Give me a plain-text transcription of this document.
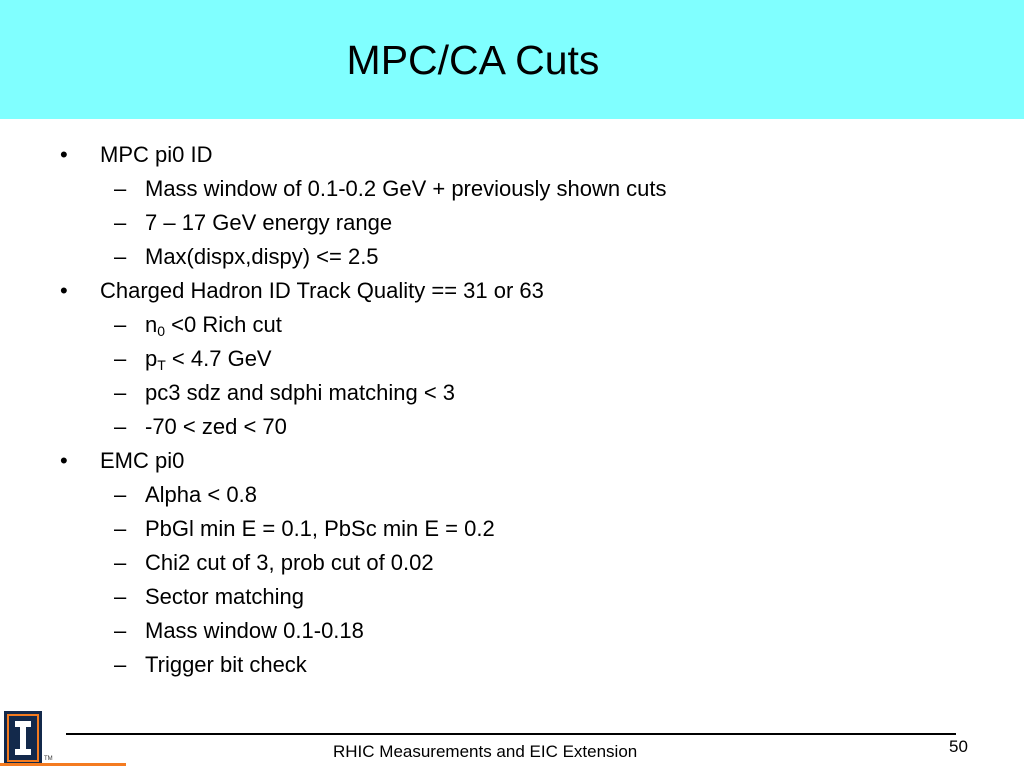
MPC/CA Cuts
• MPC pi0 ID
– Mass window of 0.1-0.2 GeV + previously shown cuts
– 7 – 17 GeV energy range
– Max(dispx,dispy) <= 2.5
• Charged Hadron ID Track Quality == 31 or 63
– $n_0 <0$ Rich cut
– $p_T < 4.7$ GeV
– pc3 sdz and sdphi matching < 3
– -70 < zed < 70
• EMC pi0
– Alpha < 0.8
– PbGl min E = 0.1, PbSc min E = 0.2
– Chi2 cut of 3, prob cut of 0.02
– Sector matching
– Mass window 0.1-0.18
– Trigger bit check
TM	RHIC Measurements and EIC Extension	50
